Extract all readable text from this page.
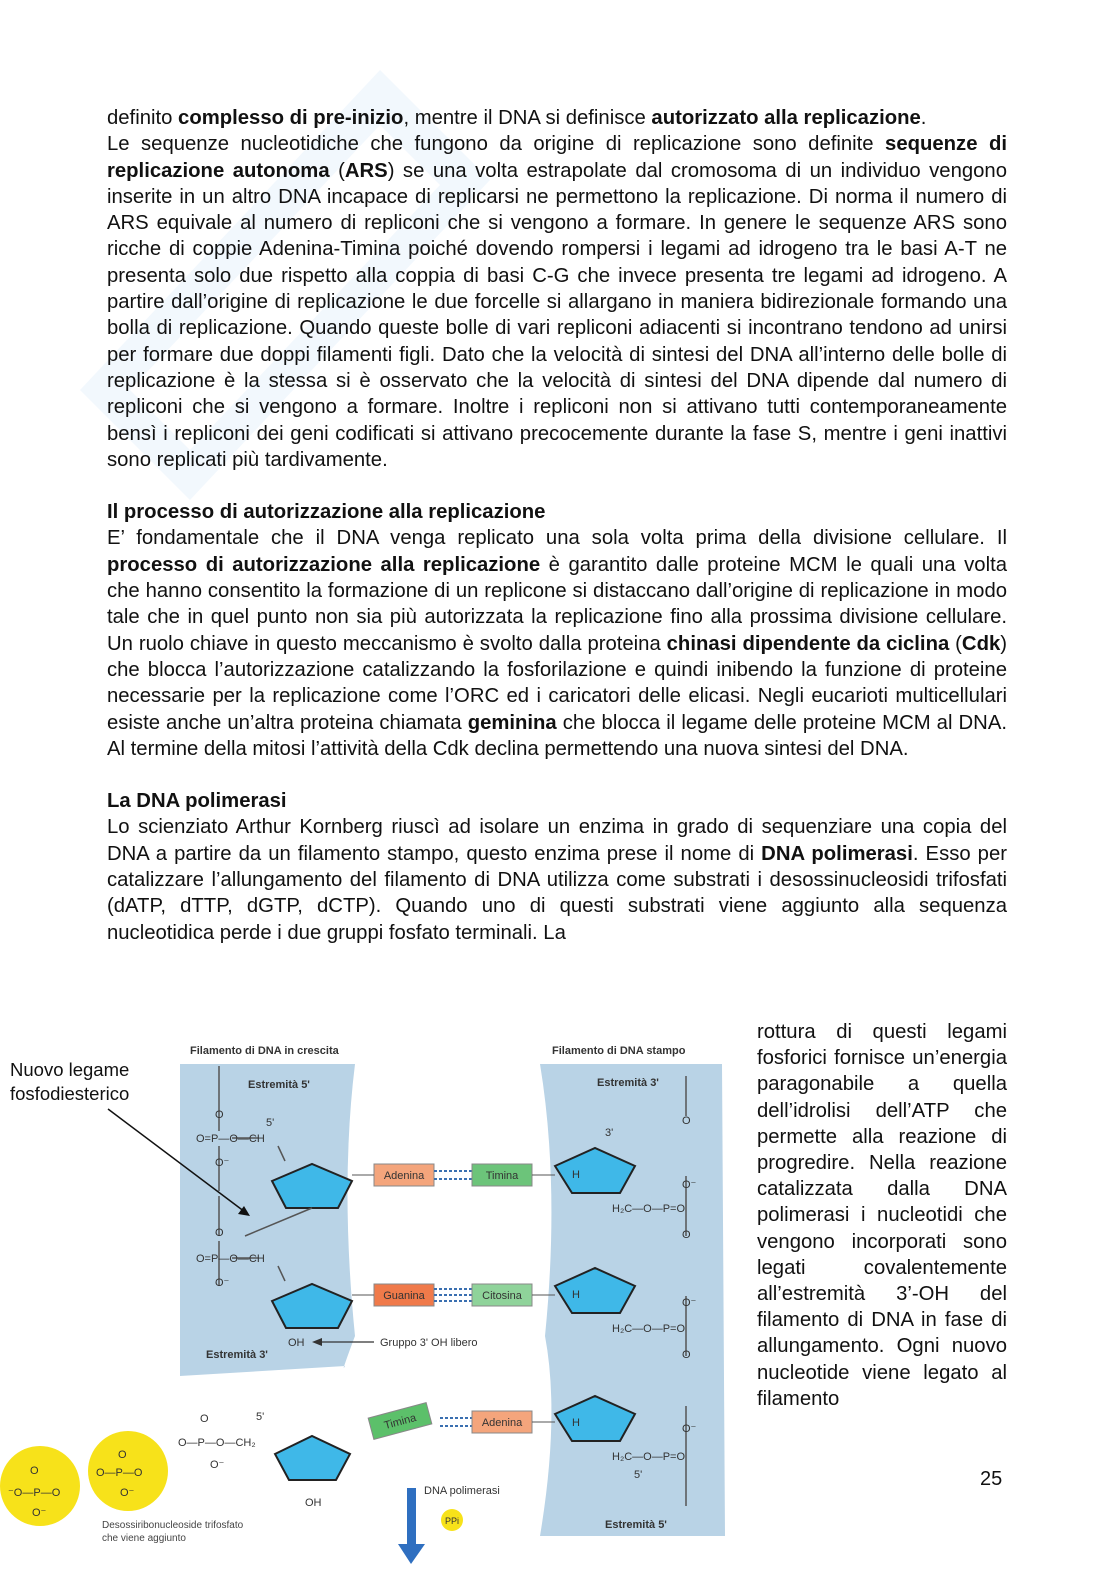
definito complesso di pre-inizio, mentre il DNA si definisce autorizzato alla replicazione.

Le sequenze nucleotidiche che fungono da origine di replicazione sono definite sequenze di replicazione autonoma (ARS) se una volta estrapolate dal cromosoma di un individuo vengono inserite in un altro DNA incapace di replicarsi ne permettono la replicazione. Di norma il numero di ARS equivale al numero di repliconi che si vengono a formare. In genere le sequenze ARS sono ricche di coppie Adenina-Timina poiché dovendo rompersi i legami ad idrogeno tra le basi A-T ne presenta solo due rispetto alla coppia di basi C-G che invece presenta tre legami ad idrogeno. A partire dall’origine di replicazione le due forcelle si allargano in maniera bidirezionale formando una bolla di replicazione. Quando queste bolle di vari repliconi adiacenti si incontrano tendono ad unirsi per formare due doppi filamenti figli. Dato che la velocità di sintesi del DNA all’interno delle bolle di replicazione è la stessa si è osservato che la velocità di sintesi del DNA dipende dal numero di repliconi che si vengono a formare. Inoltre i repliconi non si attivano tutti contemporaneamente bensì i repliconi dei geni codificati si attivano precocemente durante la fase S, mentre i geni inattivi sono replicati più tardivamente.

Il processo di autorizzazione alla replicazione

E’ fondamentale che il DNA venga replicato una sola volta prima della divisione cellulare. Il processo di autorizzazione alla replicazione è garantito dalle proteine MCM le quali una volta che hanno consentito la formazione di un replicone si distaccano dall’origine di replicazione in modo tale che in quel punto non sia più autorizzata la replicazione fino alla prossima divisione cellulare. Un ruolo chiave in questo meccanismo è svolto dalla proteina chinasi dipendente da ciclina (Cdk) che blocca l’autorizzazione catalizzando la fosforilazione e quindi inibendo la funzione di proteine necessarie per la replicazione come l’ORC ed i caricatori delle elicasi. Negli eucarioti multicellulari esiste anche un’altra proteina chiamata geminina che blocca il legame delle proteine MCM al DNA. Al termine della mitosi l’attività della Cdk declina permettendo una nuova sintesi del DNA.

La DNA polimerasi

Lo scienziato Arthur Kornberg riuscì ad isolare un enzima in grado di sequenziare una copia del DNA a partire da un filamento stampo, questo enzima prese il nome di DNA polimerasi. Esso per catalizzare l’allungamento del filamento di DNA utilizza come substrati i desossinucleosidi trifosfati (dATP, dTTP, dGTP, dCTP). Quando uno di questi substrati viene aggiunto alla sequenza nucleotidica perde i due gruppi fosfato terminali. La

rottura di questi legami fosforici fornisce un’energia paragonabile a quella dell’idrolisi dell’ATP che permette alla reazione di progredire. Nella reazione catalizzata dalla DNA polimerasi i nucleotidi che vengono incorporati sono legati covalentemente all’estremità 3’-OH del filamento di DNA in fase di allungamento. Ogni nuovo nucleotide viene legato al filamento
Nuovo legame fosfodiesterico
Filamento di DNA in crescita	Filamento di DNA stampo
Estremità 5'	Estremità 3'
Estremità 3'
Estremità 5'
O
O=P—O—CH
O⁻
5'
O
O=P—O—CH
O⁻
OH
O
3'
O⁻
H₂C—O—P=O
O
O⁻
H₂C—O—P=O
O
O⁻
H₂C—O—P=O
5'
H
H
H
Adenina	Timina
Guanina	Citosina
Timina	Adenina
Gruppo 3' OH libero
O
⁻O—P—O
O⁻
O
O—P—O
O⁻
O
O—P—O—CH₂
O⁻
5'
OH
Desossiribonucleoside trifosfato
che viene aggiunto
PPi
DNA polimerasi
25
